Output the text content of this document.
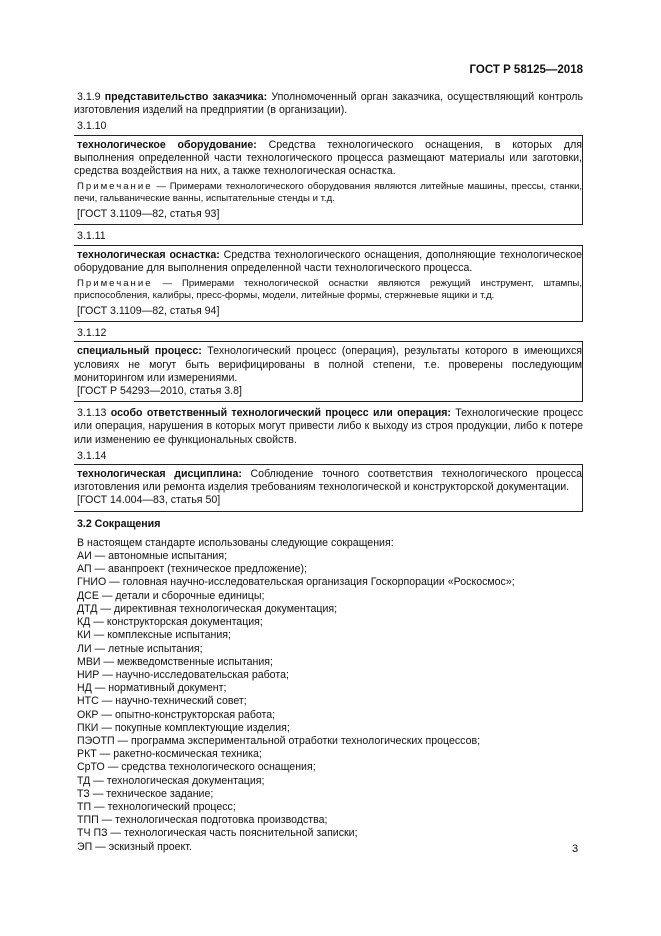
ГОСТ Р 58125—2018

3.1.9 представительство заказчика: Уполномоченный орган заказчика, осуществляющий контроль изготовления изделий на предприятии (в организации).

3.1.10

технологическое оборудование: Средства технологического оснащения, в которых для выполнения определенной части технологического процесса размещают материалы или заготовки, средства воздействия на них, а также технологическая оснастка.

Примечание — Примерами технологического оборудования являются литейные машины, прессы, станки, печи, гальванические ванны, испытательные стенды и т.д.

[ГОСТ 3.1109—82, статья 93]

3.1.11

технологическая оснастка: Средства технологического оснащения, дополняющие технологическое оборудование для выполнения определенной части технологического процесса.

Примечание — Примерами технологической оснастки являются режущий инструмент, штампы, приспособления, калибры, пресс-формы, модели, литейные формы, стержневые ящики и т.д.

[ГОСТ 3.1109—82, статья 94]

3.1.12

специальный процесс: Технологический процесс (операция), результаты которого в имеющихся условиях не могут быть верифицированы в полной степени, т.е. проверены последующим мониторингом или измерениями.

[ГОСТ Р 54293—2010, статья 3.8]

3.1.13 особо ответственный технологический процесс или операция: Технологические процесс или операция, нарушения в которых могут привести либо к выходу из строя продукции, либо к потере или изменению ее функциональных свойств.

3.1.14

технологическая дисциплина: Соблюдение точного соответствия технологического процесса изготовления или ремонта изделия требованиям технологической и конструкторской документации.

[ГОСТ 14.004—83, статья 50]

3.2 Сокращения

В настоящем стандарте использованы следующие сокращения:

АИ — автономные испытания;
АП — аванпроект (техническое предложение);
ГНИО — головная научно-исследовательская организация Госкорпорации «Роскосмос»;
ДСЕ — детали и сборочные единицы;
ДТД — директивная технологическая документация;
КД — конструкторская документация;
КИ — комплексные испытания;
ЛИ — летные испытания;
МВИ — межведомственные испытания;
НИР — научно-исследовательская работа;
НД — нормативный документ;
НТС — научно-технический совет;
ОКР — опытно-конструкторская работа;
ПКИ — покупные комплектующие изделия;
ПЭОТП — программа экспериментальной отработки технологических процессов;
РКТ — ракетно-космическая техника;
СрТО — средства технологического оснащения;
ТД — технологическая документация;
ТЗ — техническое задание;
ТП — технологический процесс;
ТПП — технологическая подготовка производства;
ТЧ ПЗ — технологическая часть пояснительной записки;
ЭП — эскизный проект.	3
